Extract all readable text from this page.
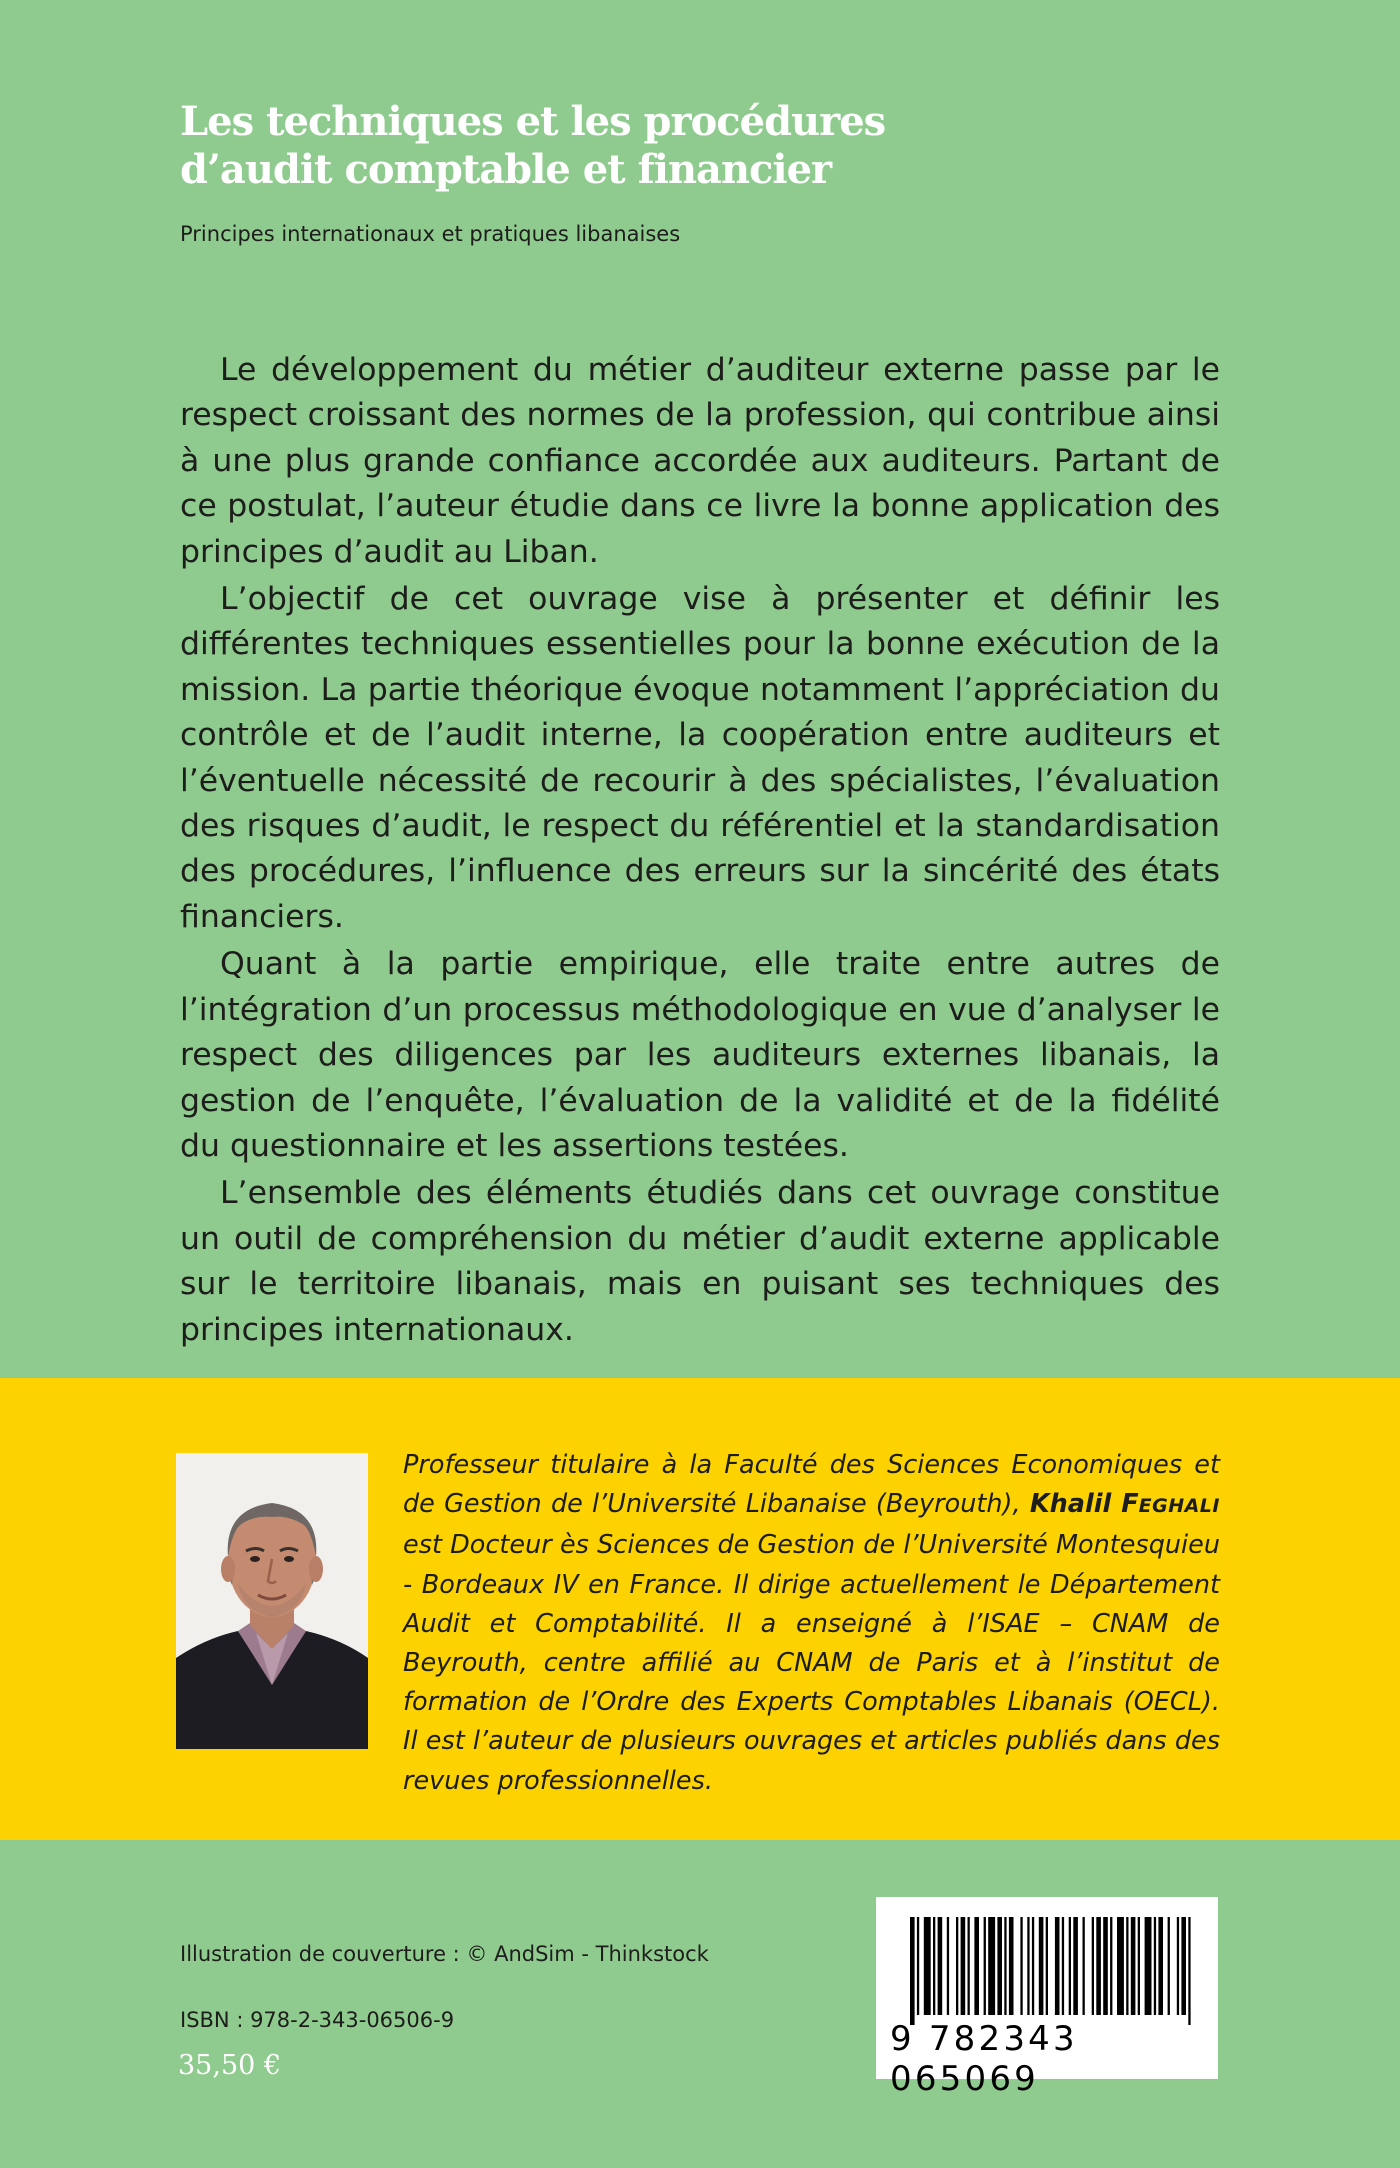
Les techniques et les procédures
d’audit comptable et financier
Principes internationaux et pratiques libanaises

Le développement du métier d’auditeur externe passe par le respect croissant des normes de la profession, qui contribue ainsi à une plus grande confiance accordée aux auditeurs. Partant de ce postulat, l’auteur étudie dans ce livre la bonne application des principes d’audit au Liban.

L’objectif de cet ouvrage vise à présenter et définir les différentes techniques essentielles pour la bonne exécution de la mission. La partie théorique évoque notamment l’appréciation du contrôle et de l’audit interne, la coopération entre auditeurs et l’éventuelle nécessité de recourir à des spécialistes, l’évaluation des risques d’audit, le respect du référentiel et la standardisation des procédures, l’influence des erreurs sur la sincérité des états financiers.

Quant à la partie empirique, elle traite entre autres de l’intégration d’un processus méthodologique en vue d’analyser le respect des diligences par les auditeurs externes libanais, la gestion de l’enquête, l’évaluation de la validité et de la fidélité du questionnaire et les assertions testées.

L’ensemble des éléments étudiés dans cet ouvrage constitue un outil de compréhension du métier d’audit externe applicable sur le territoire libanais, mais en puisant ses techniques des principes internationaux.

Professeur titulaire à la Faculté des Sciences Economiques et de Gestion de l’Université Libanaise (Beyrouth), Khalil FEGHALI est Docteur ès Sciences de Gestion de l’Université Montesquieu - Bordeaux IV en France. Il dirige actuellement le Département Audit et Comptabilité. Il a enseigné à l’ISAE – CNAM de Beyrouth, centre affilié au CNAM de Paris et à l’institut de formation de l’Ordre des Experts Comptables Libanais (OECL). Il est l’auteur de plusieurs ouvrages et articles publiés dans des revues professionnelles.
Illustration de couverture : © AndSim - Thinkstock
ISBN : 978-2-343-06506-9
35,50 €
9 782343 065069
